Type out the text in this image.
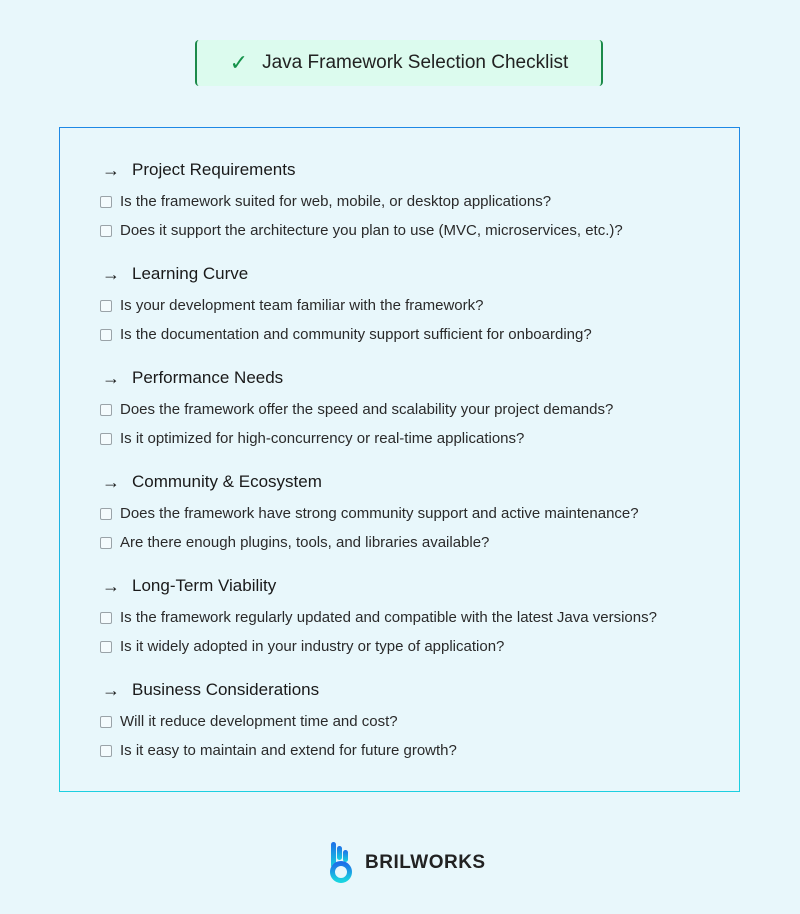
✓ Java Framework Selection Checklist
→ Project Requirements
Is the framework suited for web, mobile, or desktop applications?
Does it support the architecture you plan to use (MVC, microservices, etc.)?
→ Learning Curve
Is your development team familiar with the framework?
Is the documentation and community support sufficient for onboarding?
→ Performance Needs
Does the framework offer the speed and scalability your project demands?
Is it optimized for high-concurrency or real-time applications?
→ Community & Ecosystem
Does the framework have strong community support and active maintenance?
Are there enough plugins, tools, and libraries available?
→ Long-Term Viability
Is the framework regularly updated and compatible with the latest Java versions?
Is it widely adopted in your industry or type of application?
→ Business Considerations
Will it reduce development time and cost?
Is it easy to maintain and extend for future growth?
BRILWORKS
